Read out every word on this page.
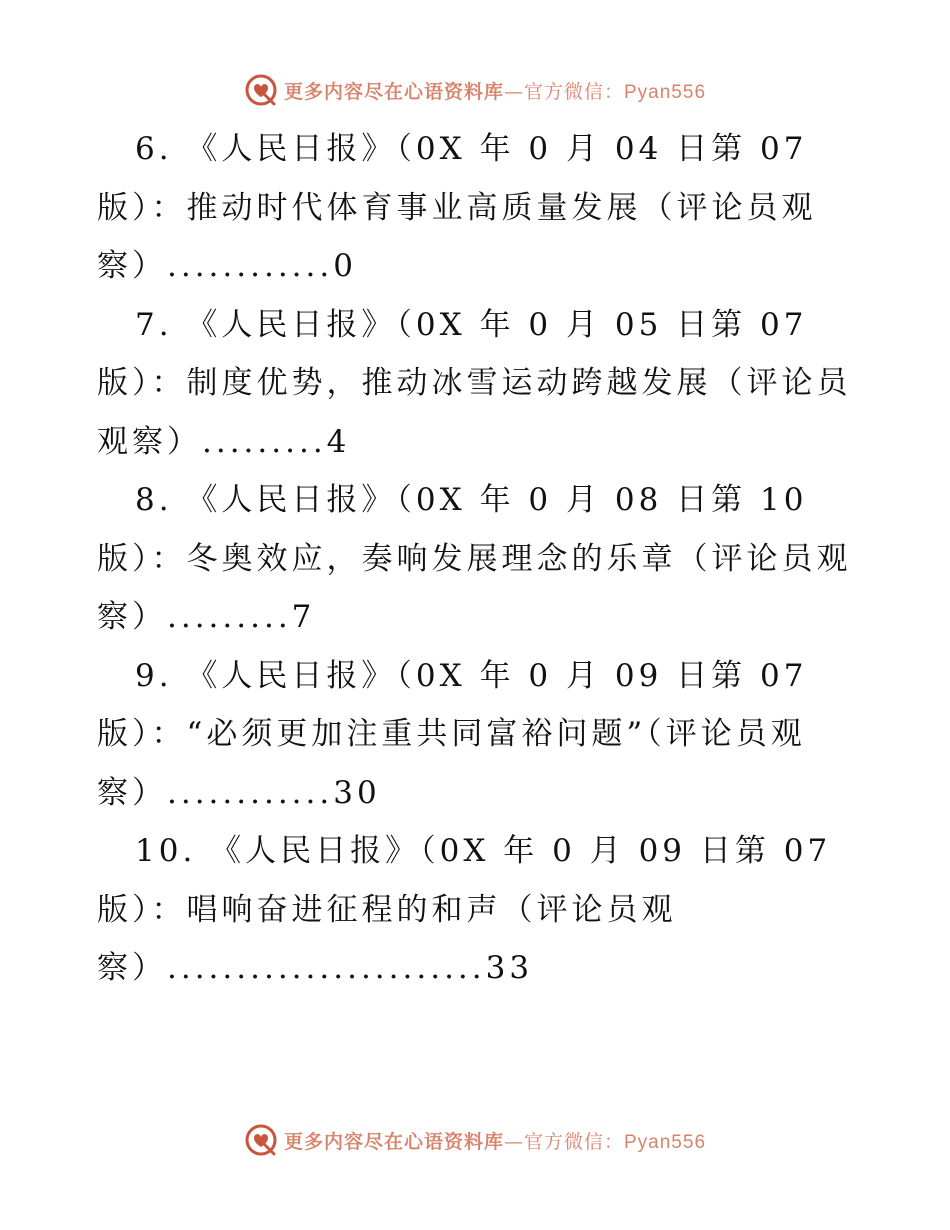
更多内容尽在心语资料库—官方微信：Pyan556
6. 《人民日报》（0X 年 0 月 04 日第 07
版）：推动时代体育事业高质量发展（评论员观
察）............0
7. 《人民日报》（0X 年 0 月 05 日第 07
版）：制度优势，推动冰雪运动跨越发展（评论员
观察）.........4
8. 《人民日报》（0X 年 0 月 08 日第 10
版）：冬奥效应，奏响发展理念的乐章（评论员观
察）.........7
9. 《人民日报》（0X 年 0 月 09 日第 07
版）：“必须更加注重共同富裕问题”（评论员观
察）............30
10. 《人民日报》（0X 年 0 月 09 日第 07
版）：唱响奋进征程的和声（评论员观
察）.......................33
更多内容尽在心语资料库—官方微信：Pyan556
